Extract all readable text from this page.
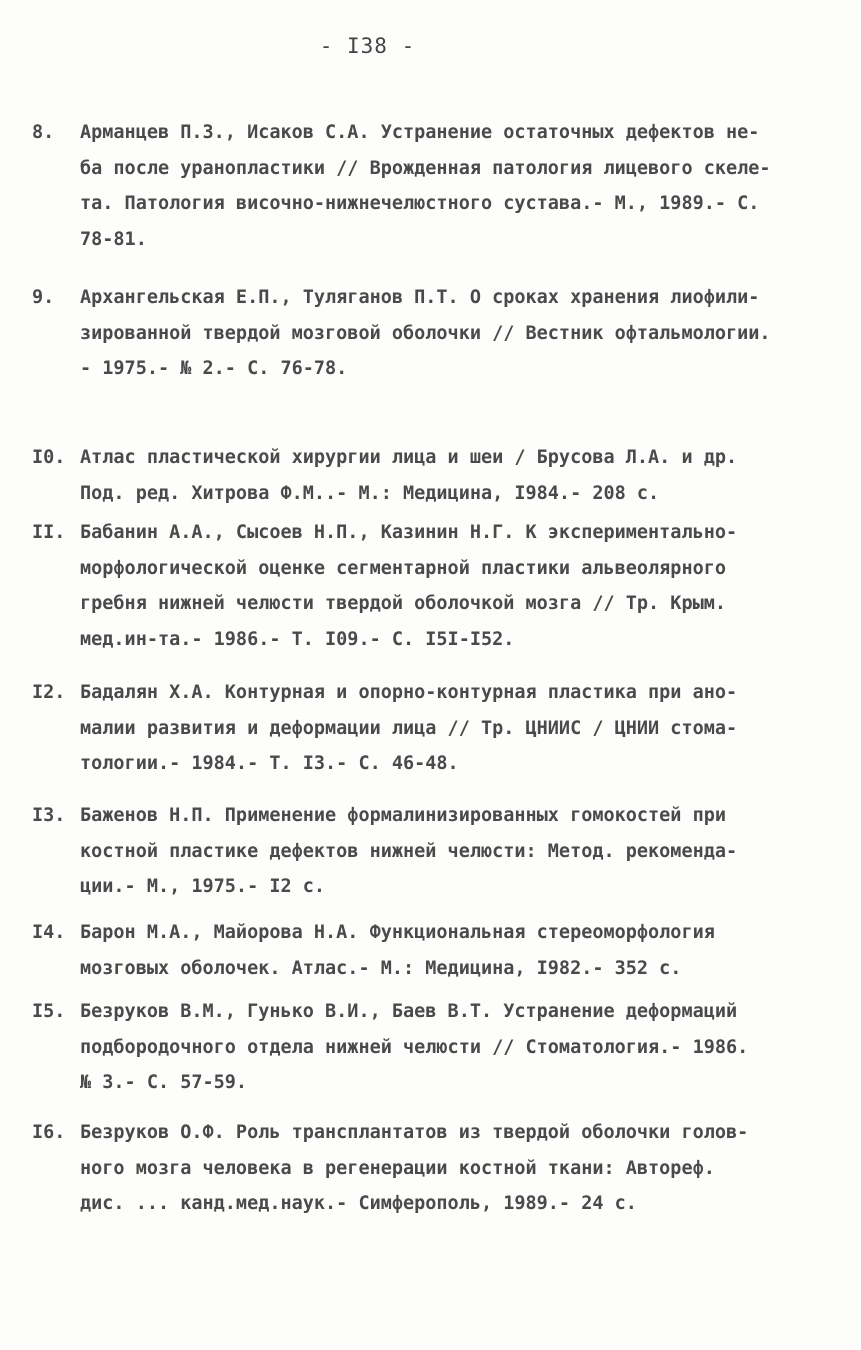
- I38 -
8.	Арманцев П.З., Исаков С.А. Устранение остаточных дефектов не-
ба после уранопластики // Врожденная патология лицевого скеле-
та. Патология височно-нижнечелюстного сустава.- М., 1989.- С.
78-81.
9.	Архангельская Е.П., Туляганов П.Т. О сроках хранения лиофили-
зированной твердой мозговой оболочки // Вестник офтальмологии.
- 1975.- № 2.- С. 76-78.
I0. Атлас пластической хирургии лица и шеи / Брусова Л.А. и др.
Под. ред. Хитрова Ф.М..- М.: Медицина, I984.- 208 с.
II. Бабанин А.А., Сысоев Н.П., Казинин Н.Г. К экспериментально-
морфологической оценке сегментарной пластики альвеолярного
гребня нижней челюсти твердой оболочкой мозга // Тр. Крым.
мед.ин-та.- 1986.- Т. I09.- С. I5I-I52.
I2. Бадалян Х.А. Контурная и опорно-контурная пластика при ано-
малии развития и деформации лица // Тр. ЦНИИС / ЦНИИ стома-
тологии.- 1984.- Т. I3.- С. 46-48.
I3. Баженов Н.П. Применение формалинизированных гомокостей при
костной пластике дефектов нижней челюсти: Метод. рекоменда-
ции.- М., 1975.- I2 с.
I4. Барон М.А., Майорова Н.А. Функциональная стереоморфология
мозговых оболочек. Атлас.- М.: Медицина, I982.- 352 с.
I5. Безруков В.М., Гунько В.И., Баев В.Т. Устранение деформаций
подбородочного отдела нижней челюсти // Стоматология.- 1986.
№ 3.- С. 57-59.
I6. Безруков О.Ф. Роль трансплантатов из твердой оболочки голов-
ного мозга человека в регенерации костной ткани: Автореф.
дис. ... канд.мед.наук.- Симферополь, 1989.- 24 с.
